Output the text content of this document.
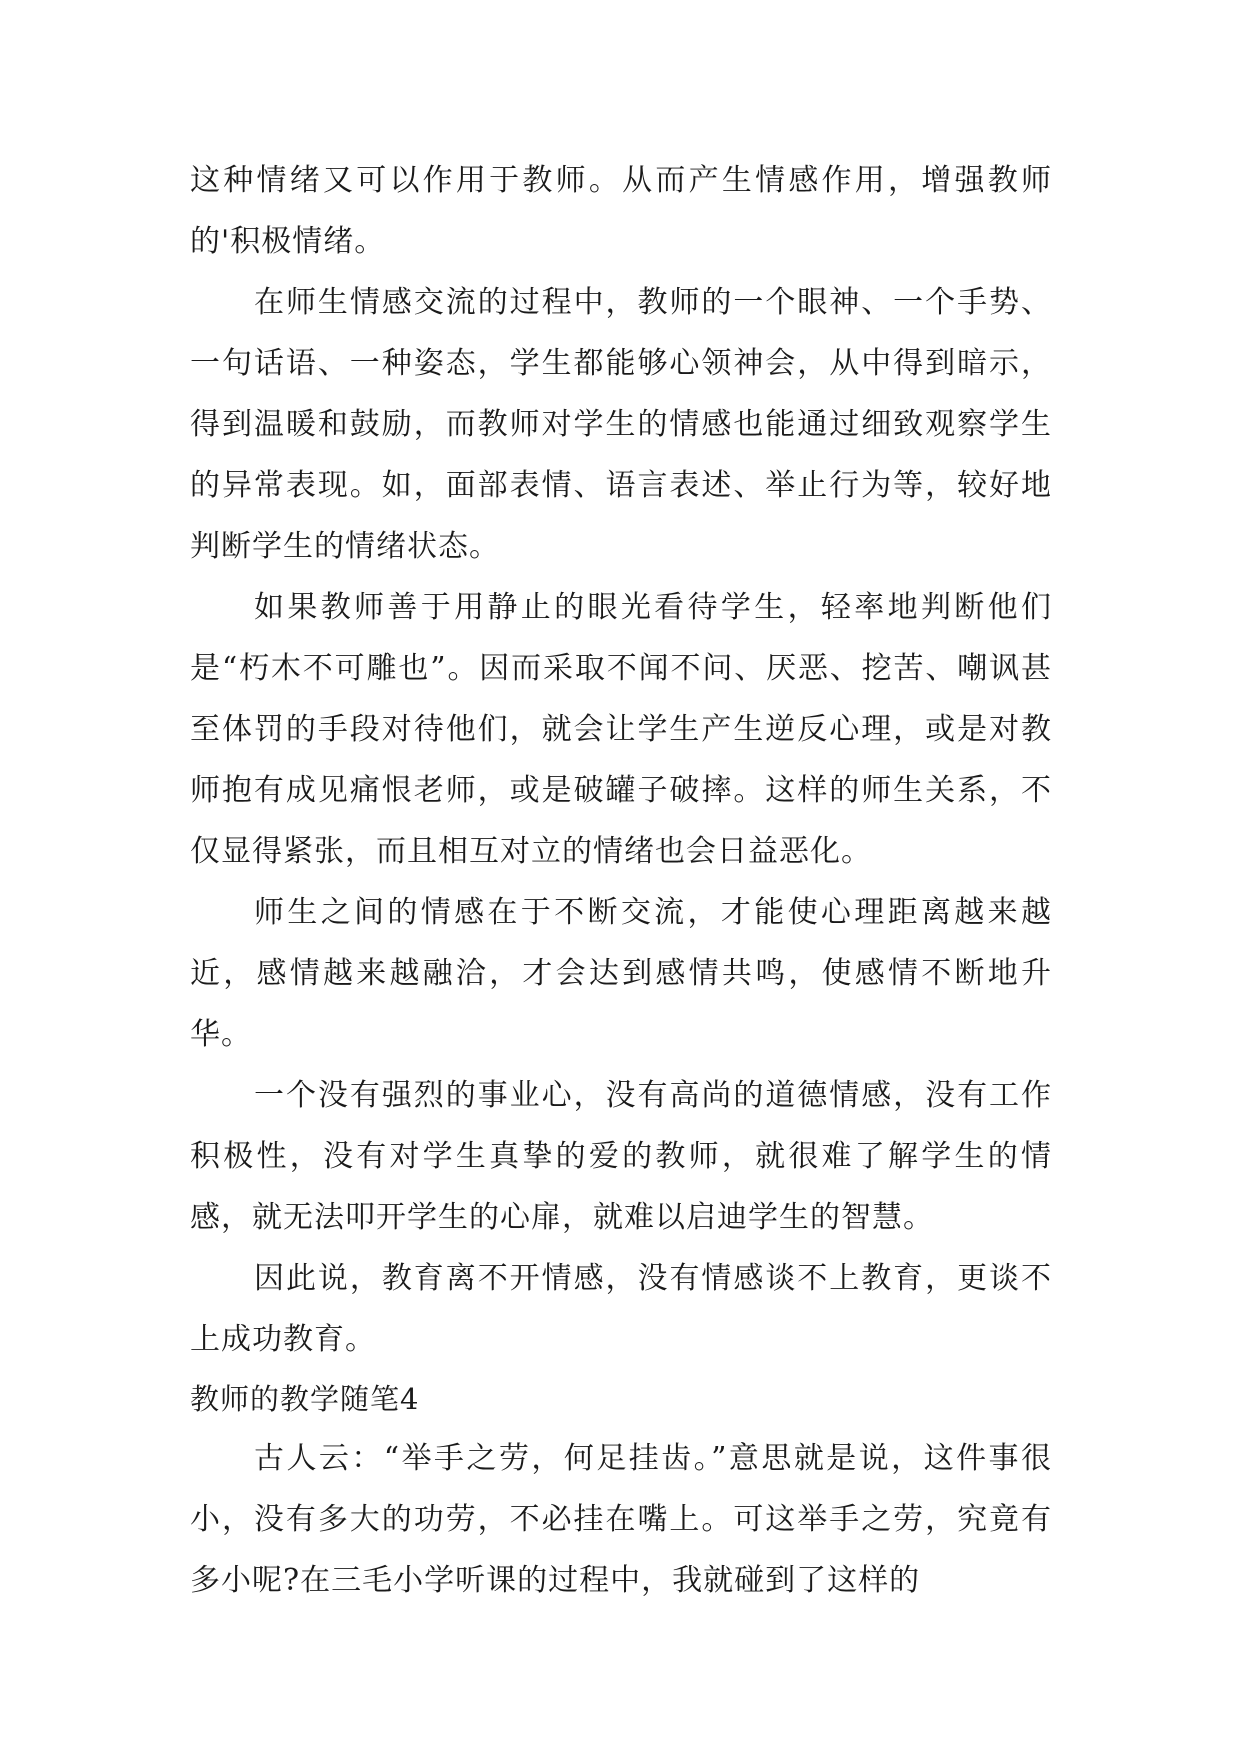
这种情绪又可以作用于教师。从而产生情感作用，增强教师的'积极情绪。

在师生情感交流的过程中，教师的一个眼神、一个手势、一句话语、一种姿态，学生都能够心领神会，从中得到暗示，得到温暖和鼓励，而教师对学生的情感也能通过细致观察学生的异常表现。如，面部表情、语言表述、举止行为等，较好地判断学生的情绪状态。

如果教师善于用静止的眼光看待学生，轻率地判断他们是“朽木不可雕也”。因而采取不闻不问、厌恶、挖苦、嘲讽甚至体罚的手段对待他们，就会让学生产生逆反心理，或是对教师抱有成见痛恨老师，或是破罐子破摔。这样的师生关系，不仅显得紧张，而且相互对立的情绪也会日益恶化。

师生之间的情感在于不断交流，才能使心理距离越来越近，感情越来越融洽，才会达到感情共鸣，使感情不断地升华。

一个没有强烈的事业心，没有高尚的道德情感，没有工作积极性，没有对学生真挚的爱的教师，就很难了解学生的情感，就无法叩开学生的心扉，就难以启迪学生的智慧。

因此说，教育离不开情感，没有情感谈不上教育，更谈不上成功教育。

教师的教学随笔4

古人云：“举手之劳，何足挂齿。”意思就是说，这件事很小，没有多大的功劳，不必挂在嘴上。可这举手之劳，究竟有多小呢?在三毛小学听课的过程中，我就碰到了这样的
